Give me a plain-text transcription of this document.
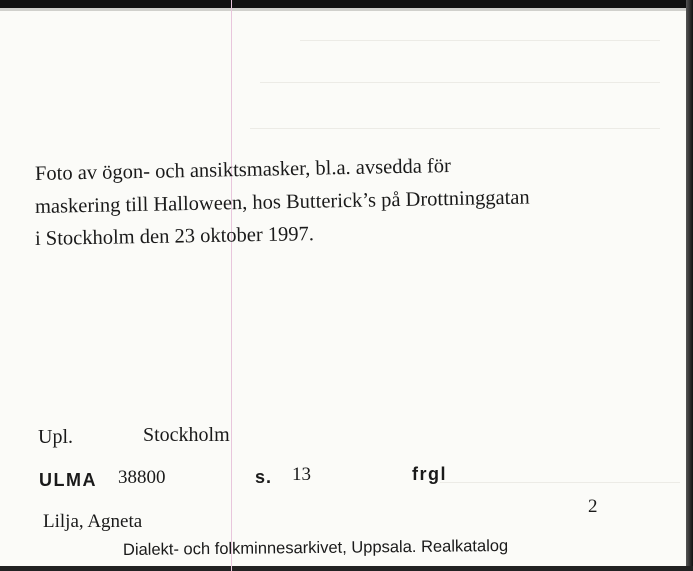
Foto av ögon- och ansiktsmasker, bl.a. avsedda för
maskering till Halloween, hos Butterick’s på Drottninggatan
i Stockholm den 23 oktober 1997.
Upl.	Stockholm
ULMA 38800	s. 13	frgl
Lilja, Agneta
2
Dialekt- och folkminnesarkivet, Uppsala. Realkatalog
